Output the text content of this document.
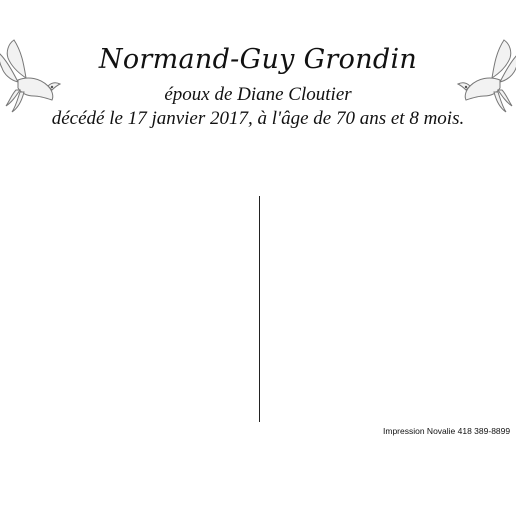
Normand-Guy Grondin
époux de Diane Cloutier
décédé le 17 janvier 2017, à l'âge de 70 ans et 8 mois.

Impression Novalie 418 389-8899
